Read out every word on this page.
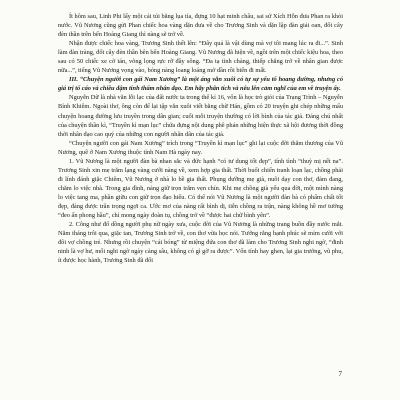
Ít hôm sau, Linh Phi lấy một cái túi bằng lụa tía, đựng 10 hạt minh châu, sai sứ Xích Hỗn đưa Phan ra khỏi nước. Vũ Nương cũng gửi Phan chiếc hoa vàng dặn đưa về cho Trương Sinh và dặn lập đàn giải oan, đốt cây đèn thần trên bến Hoàng Giang thì nàng sẽ trở về.

Nhận được chiếc hoa vàng, Trương Sinh thết lên: “Đây quả là vật dùng mà vợ tôi mang lúc ra đi...”. Sinh làm đàn tràng, đốt cây đèn thần bên bến Hoàng Giang. Vũ Nương đã hiện về, ngồi trên một chiếc kiệu hoa, theo sau có 50 chiếc xe cờ tán, võng lọng rực rỡ đầy sông. “Đa tạ tình chàng, thiếp chẳng trở về nhân gian được nữa...”, tiếng Vũ Nương vọng vào, bóng nàng loang loáng mờ dần rồi biến đi mất.

III. “Chuyện người con gái Nam Xương” là một áng văn xuôi có tự sự yếu tố hoang đường, nhưng có giá trị tố cáo và chiều đậm tính thẩm nhân đạo. Em hãy phân tích và nêu lên cảm nghĩ của em về truyện ấy.

Nguyễn Dữ là nhà văn lỗi lạc của đất nước ta trong thế kỉ 16, vốn là học trò giỏi của Trạng Trình – Nguyễn Bỉnh Khiêm. Ngoài thơ, ông còn để lại tập văn xuôi viết bằng chữ Hán, gồm có 20 truyện ghi chép những mẩu chuyện hoang đường lưu truyền trong dân gian; cuối mỗi truyện thường có lời bình của tác giả. Đáng chú nhất của chuyện thần kì, “Truyền kì mạn lục” chứa đựng nội dung phê phán những hiện thực xã hội đương thời đồng thời nhân đạo cao quý của những con người nhân dân của tác giả.

“Chuyện người con gái Nam Xương” trích trong “Truyền kì mạn lục” ghi lại cuộc đời thăm thương của Vũ Nương, quê ở Nam Xương thuộc tỉnh Nam Hà ngày nay.

1. Vũ Nương là một người đàn bà nhan sắc và đức hạnh “có tư dung tốt đẹp”, tính tình “thuỳ mị nết na”. Trương Sinh xin mẹ trăm lạng vàng cưới nàng về, xem hợp gia thất. Thời buổi chiến tranh loạn lạc, chồng phải đi lính đánh giặc Chiêm, Vũ Nương ở nhà lo bề gia thất. Phụng dưỡng mẹ già, nuôi dạy con thơ, đảm đang, chăm lo việc nhà. Trong gia đình, nàng giữ trọn trăm vẹn chín. Khi mẹ chồng già yếu qua đời, một mình nàng lo việc tang ma, phần giữu con giữ trọn đạo hiếu. Có thể nói Vũ Nương là một người đàn bà có phẩm chất tốt đẹp, đáng được trân trọng ngợi ca. Ước mơ của nàng rất bình dị, tiễn chồng ra trận, nàng không hề mơ tưởng “đeo ấn phong hầu”, chỉ mong ngày đoàn tụ, chồng trở về “được hai chữ bình yên”.

2. Công như đổ dồng người phụ nữ ngày xưa, cuộc đời của Vũ Nương là những trang buồn đầy nước mắt. Năm tháng trôi qua, giặc tan, Trương Sinh trở về, con thơ vừa học nói. Tưởng rằng hạnh phúc sẽ mỉm cười với đôi vợ chồng trẻ. Nhưng rồi chuyện “cái bóng” từ miệng đứa con thơ đã làm cho Trương Sinh nghi ngờ, “đinh ninh là vợ hư, mối nghi ngờ ngày càng sâu, không có gì gỡ ra được”. Vốn tính hay ghen, lại gia trưởng, vũ phu, ít được học hành, Trương Sinh đã đối

7
